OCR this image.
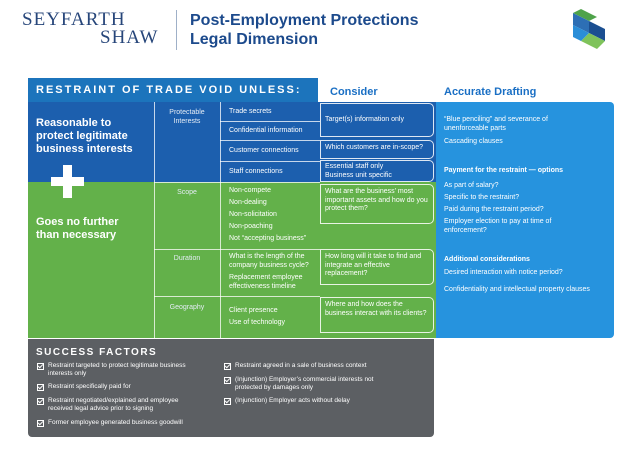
SEYFARTH
SHAW
Post-Employment Protections
Legal Dimension
RESTRAINT OF TRADE VOID UNLESS:	Consider	Accurate Drafting
Reasonable to protect legitimate business interests
Goes no further than necessary
Protectable Interests
Scope
Duration
Geography
Trade secrets
Confidential information
Customer connections
Staff connections
Non-compete
Non-dealing
Non-solicitation
Non-poaching
Not “accepting business”
What is the length of the company business cycle?
Replacement employee effectiveness timeline
Client presence
Use of technology
Target(s) information only
Which customers are in-scope?
Essential staff only Business unit specific
What are the business’ most important assets and how do you protect them?
How long will it take to find and integrate an effective replacement?
Where and how does the business interact with its clients?
“Blue penciling” and severance of unenforceable parts
Cascading clauses
Payment for the restraint — options
As part of salary?
Specific to the restraint?
Paid during the restraint period?
Employer election to pay at time of enforcement?
Additional considerations
Desired interaction with notice period?
Confidentiality and intellectual property clauses
SUCCESS FACTORS
Restraint targeted to protect legitimate business interests only
Restraint specifically paid for
Restraint negotiated/explained and employee received legal advice prior to signing
Former employee generated business goodwill
Restraint agreed in a sale of business context
(Injunction) Employer’s commercial interests not protected by damages only
(Injunction) Employer acts without delay
